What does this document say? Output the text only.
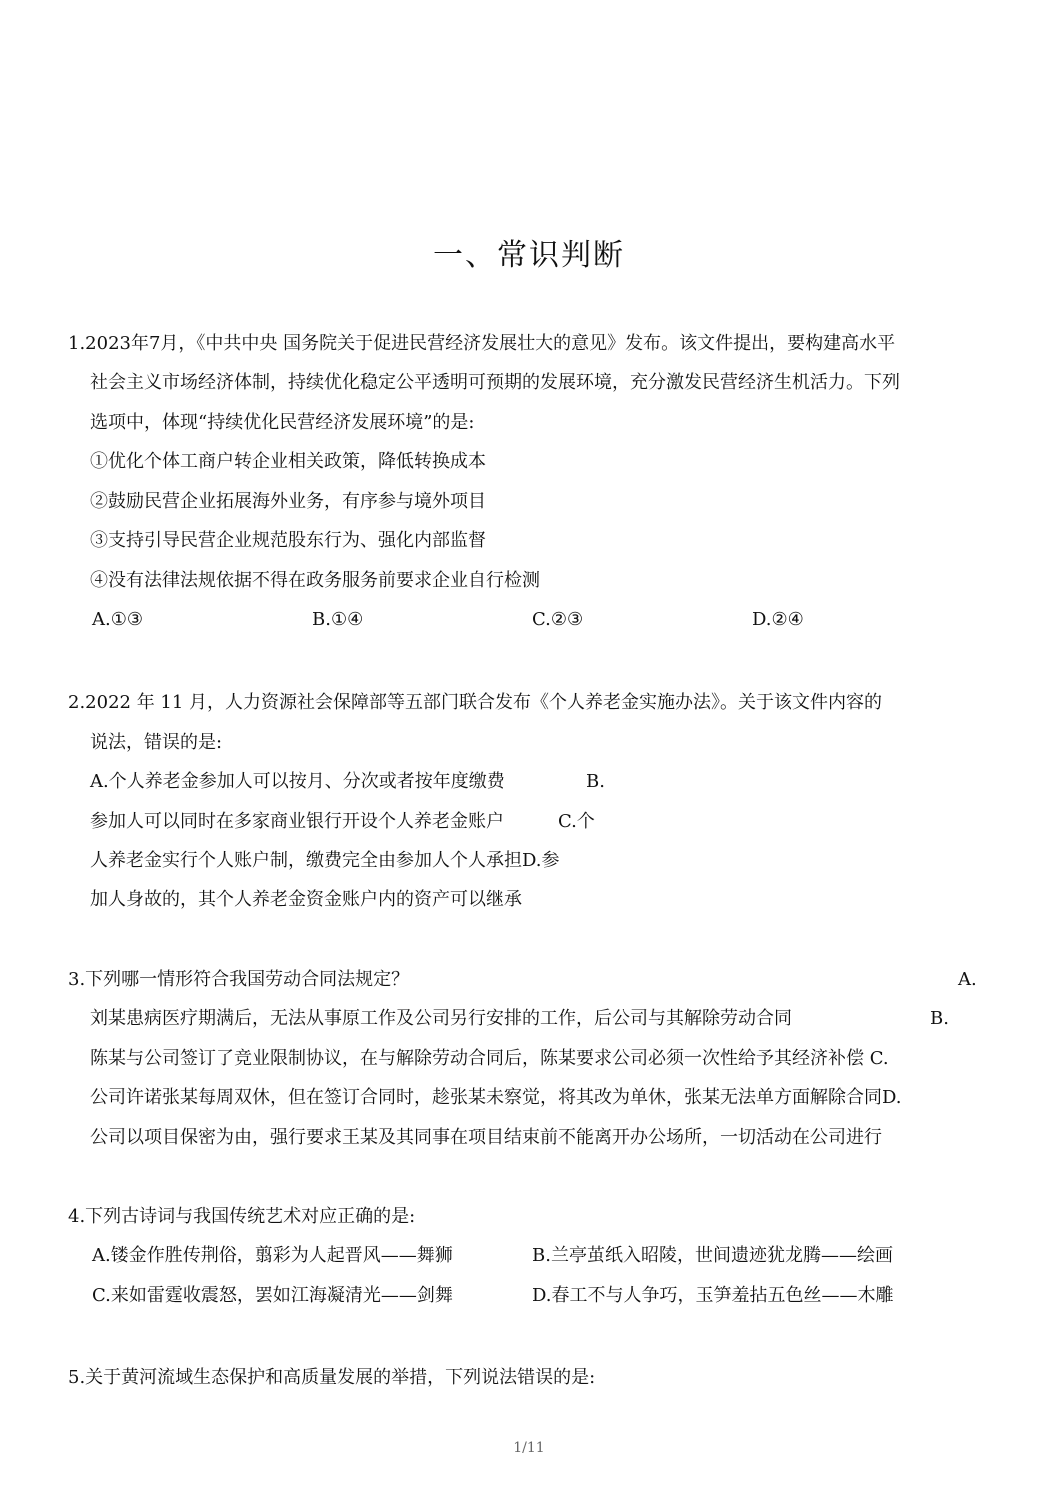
一、常识判断
1.2023年7月，《中共中央 国务院关于促进民营经济发展壮大的意见》发布。该文件提出，要构建高水平
社会主义市场经济体制，持续优化稳定公平透明可预期的发展环境，充分激发民营经济生机活力。下列
选项中，体现“持续优化民营经济发展环境”的是:
①优化个体工商户转企业相关政策，降低转换成本
②鼓励民营企业拓展海外业务，有序参与境外项目
③支持引导民营企业规范股东行为、强化内部监督
④没有法律法规依据不得在政务服务前要求企业自行检测
A.①③	B.①④	C.②③	D.②④
2.2022 年 11 月，人力资源社会保障部等五部门联合发布《个人养老金实施办法》。关于该文件内容的
说法，错误的是:
A.个人养老金参加人可以按月、分次或者按年度缴费	B.
参加人可以同时在多家商业银行开设个人养老金账户	C.个
人养老金实行个人账户制，缴费完全由参加人个人承担D.参
加人身故的，其个人养老金资金账户内的资产可以继承
3.下列哪一情形符合我国劳动合同法规定？	A.
刘某患病医疗期满后，无法从事原工作及公司另行安排的工作，后公司与其解除劳动合同	B.
陈某与公司签订了竞业限制协议，在与解除劳动合同后，陈某要求公司必须一次性给予其经济补偿 C.
公司许诺张某每周双休，但在签订合同时，趁张某未察觉，将其改为单休，张某无法单方面解除合同D.
公司以项目保密为由，强行要求王某及其同事在项目结束前不能离开办公场所，一切活动在公司进行
4.下列古诗词与我国传统艺术对应正确的是:
A.镂金作胜传荆俗，翦彩为人起晋风——舞狮	B.兰亭茧纸入昭陵，世间遗迹犹龙腾——绘画
C.来如雷霆收震怒，罢如江海凝清光——剑舞	D.春工不与人争巧，玉笋羞拈五色丝——木雕
5.关于黄河流域生态保护和高质量发展的举措，下列说法错误的是:
1/11
